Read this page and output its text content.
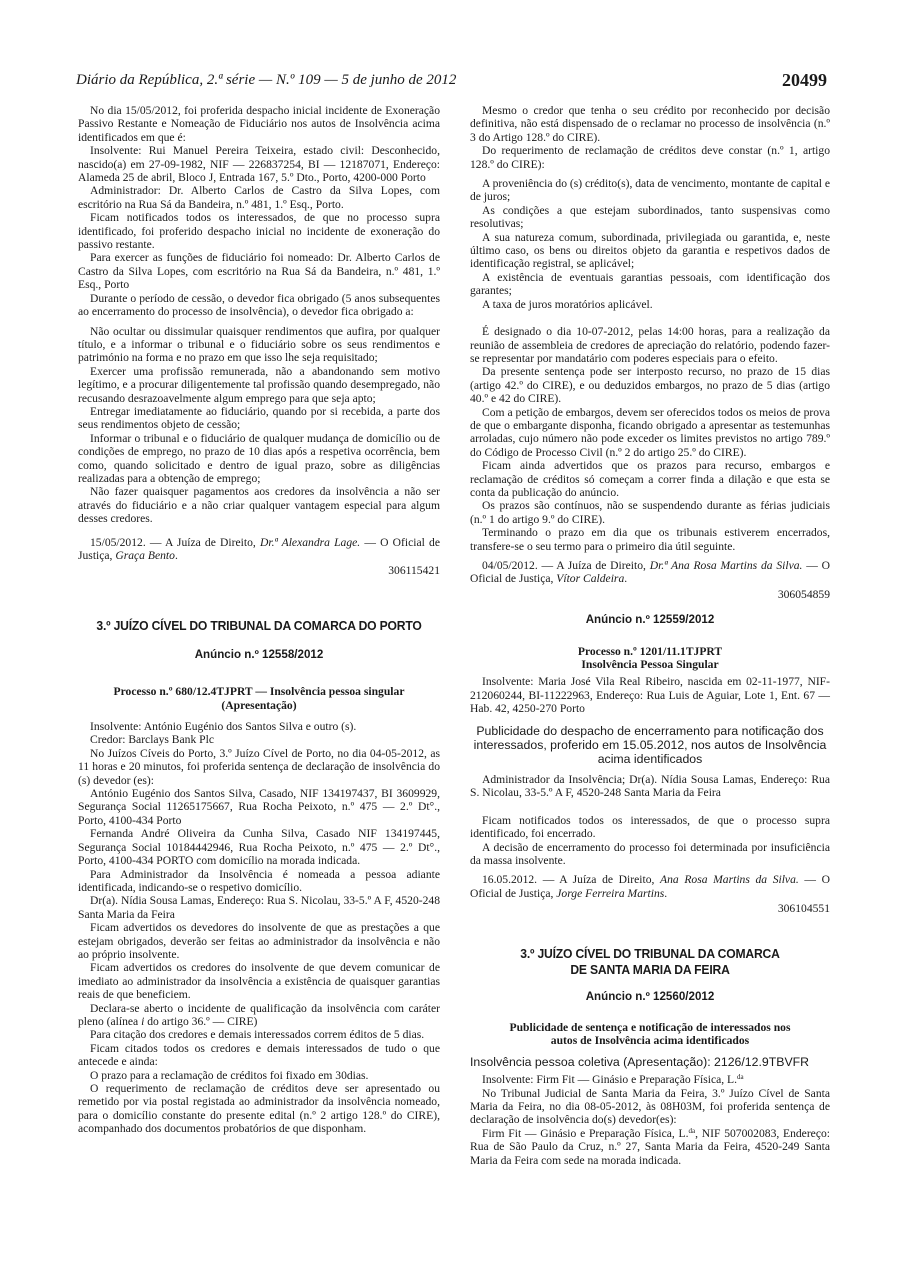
Diário da República, 2.ª série — N.º 109 — 5 de junho de 2012	20499

No dia 15/05/2012, foi proferida despacho inicial incidente de Exoneração Passivo Restante e Nomeação de Fiduciário nos autos de Insolvência acima identificados em que é:

Insolvente: Rui Manuel Pereira Teixeira, estado civil: Desconhecido, nascido(a) em 27-09-1982, NIF — 226837254, BI — 12187071, Endereço: Alameda 25 de abril, Bloco J, Entrada 167, 5.º Dto., Porto, 4200-000 Porto

Administrador: Dr. Alberto Carlos de Castro da Silva Lopes, com escritório na Rua Sá da Bandeira, n.º 481, 1.º Esq., Porto.

Ficam notificados todos os interessados, de que no processo supra identificado, foi proferido despacho inicial no incidente de exoneração do passivo restante.

Para exercer as funções de fiduciário foi nomeado: Dr. Alberto Carlos de Castro da Silva Lopes, com escritório na Rua Sá da Bandeira, n.º 481, 1.º Esq., Porto

Durante o período de cessão, o devedor fica obrigado (5 anos subsequentes ao encerramento do processo de insolvência), o devedor fica obrigado a:

Não ocultar ou dissimular quaisquer rendimentos que aufira, por qualquer título, e a informar o tribunal e o fiduciário sobre os seus rendimentos e património na forma e no prazo em que isso lhe seja requisitado;

Exercer uma profissão remunerada, não a abandonando sem motivo legítimo, e a procurar diligentemente tal profissão quando desempregado, não recusando desrazoavelmente algum emprego para que seja apto;

Entregar imediatamente ao fiduciário, quando por si recebida, a parte dos seus rendimentos objeto de cessão;

Informar o tribunal e o fiduciário de qualquer mudança de domicílio ou de condições de emprego, no prazo de 10 dias após a respetiva ocorrência, bem como, quando solicitado e dentro de igual prazo, sobre as diligências realizadas para a obtenção de emprego;

Não fazer quaisquer pagamentos aos credores da insolvência a não ser através do fiduciário e a não criar qualquer vantagem especial para algum desses credores.

15/05/2012. — A Juíza de Direito, Dr.ª Alexandra Lage. — O Oficial de Justiça, Graça Bento.

306115421
3.º JUÍZO CÍVEL DO TRIBUNAL DA COMARCA DO PORTO
Anúncio n.º 12558/2012
Processo n.º 680/12.4TJPRT — Insolvência pessoa singular (Apresentação)

Insolvente: António Eugénio dos Santos Silva e outro (s).

Credor: Barclays Bank Plc

No Juízos Cíveis do Porto, 3.º Juízo Cível de Porto, no dia 04-05-2012, as 11 horas e 20 minutos, foi proferida sentença de declaração de insolvência do (s) devedor (es):

António Eugénio dos Santos Silva, Casado, NIF 134197437, BI 3609929, Segurança Social 11265175667, Rua Rocha Peixoto, n.º 475 — 2.º Dt°., Porto, 4100-434 Porto

Fernanda André Oliveira da Cunha Silva, Casado NIF 134197445, Segurança Social 10184442946, Rua Rocha Peixoto, n.º 475 — 2.º Dt°., Porto, 4100-434 PORTO com domicílio na morada indicada.

Para Administrador da Insolvência é nomeada a pessoa adiante identificada, indicando-se o respetivo domicílio.

Dr(a). Nídia Sousa Lamas, Endereço: Rua S. Nicolau, 33-5.º A F, 4520-248 Santa Maria da Feira

Ficam advertidos os devedores do insolvente de que as prestações a que estejam obrigados, deverão ser feitas ao administrador da insolvência e não ao próprio insolvente.

Ficam advertidos os credores do insolvente de que devem comunicar de imediato ao administrador da insolvência a existência de quaisquer garantias reais de que beneficiem.

Declara-se aberto o incidente de qualificação da insolvência com caráter pleno (alínea i do artigo 36.º — CIRE)

Para citação dos credores e demais interessados correm éditos de 5 dias.

Ficam citados todos os credores e demais interessados de tudo o que antecede e ainda:

O prazo para a reclamação de créditos foi fixado em 30dias.

O requerimento de reclamação de créditos deve ser apresentado ou remetido por via postal registada ao administrador da insolvência nomeado, para o domicílio constante do presente edital (n.º 2 artigo 128.º do CIRE), acompanhado dos documentos probatórios de que disponham.

Mesmo o credor que tenha o seu crédito por reconhecido por decisão definitiva, não está dispensado de o reclamar no processo de insolvência (n.º 3 do Artigo 128.º do CIRE).

Do requerimento de reclamação de créditos deve constar (n.º 1, artigo 128.º do CIRE):

A proveniência do (s) crédito(s), data de vencimento, montante de capital e de juros;

As condições a que estejam subordinados, tanto suspensivas como resolutivas;

A sua natureza comum, subordinada, privilegiada ou garantida, e, neste último caso, os bens ou direitos objeto da garantia e respetivos dados de identificação registral, se aplicável;

A existência de eventuais garantias pessoais, com identificação dos garantes;

A taxa de juros moratórios aplicável.

É designado o dia 10-07-2012, pelas 14:00 horas, para a realização da reunião de assembleia de credores de apreciação do relatório, podendo fazer-se representar por mandatário com poderes especiais para o efeito.

Da presente sentença pode ser interposto recurso, no prazo de 15 dias (artigo 42.º do CIRE), e ou deduzidos embargos, no prazo de 5 dias (artigo 40.º e 42 do CIRE).

Com a petição de embargos, devem ser oferecidos todos os meios de prova de que o embargante disponha, ficando obrigado a apresentar as testemunhas arroladas, cujo número não pode exceder os limites previstos no artigo 789.º do Código de Processo Civil (n.º 2 do artigo 25.º do CIRE).

Ficam ainda advertidos que os prazos para recurso, embargos e reclamação de créditos só começam a correr finda a dilação e que esta se conta da publicação do anúncio.

Os prazos são contínuos, não se suspendendo durante as férias judiciais (n.º 1 do artigo 9.º do CIRE).

Terminando o prazo em dia que os tribunais estiverem encerrados, transfere-se o seu termo para o primeiro dia útil seguinte.

04/05/2012. — A Juíza de Direito, Dr.ª Ana Rosa Martins da Silva. — O Oficial de Justiça, Vítor Caldeira.

306054859
Anúncio n.º 12559/2012
Processo n.º 1201/11.1TJPRT
Insolvência Pessoa Singular

Insolvente: Maria José Vila Real Ribeiro, nascida em 02-11-1977, NIF-212060244, BI-11222963, Endereço: Rua Luis de Aguiar, Lote 1, Ent. 67 — Hab. 42, 4250-270 Porto

Publicidade do despacho de encerramento para notificação dos interessados, proferido em 15.05.2012, nos autos de Insolvência acima identificados

Administrador da Insolvência; Dr(a). Nídia Sousa Lamas, Endereço: Rua S. Nicolau, 33-5.º A F, 4520-248 Santa Maria da Feira

Ficam notificados todos os interessados, de que o processo supra identificado, foi encerrado.

A decisão de encerramento do processo foi determinada por insuficiência da massa insolvente.

16.05.2012. — A Juíza de Direito, Ana Rosa Martins da Silva. — O Oficial de Justiça, Jorge Ferreira Martins.

306104551
3.º JUÍZO CÍVEL DO TRIBUNAL DA COMARCA
DE SANTA MARIA DA FEIRA
Anúncio n.º 12560/2012
Publicidade de sentença e notificação de interessados nos autos de Insolvência acima identificados
Insolvência pessoa coletiva (Apresentação): 2126/12.9TBVFR

Insolvente: Firm Fit — Ginásio e Preparação Física, L.$^{da}$

No Tribunal Judicial de Santa Maria da Feira, 3.º Juízo Cível de Santa Maria da Feira, no dia 08-05-2012, às 08H03M, foi proferida sentença de declaração de insolvência do(s) devedor(es):

Firm Fit — Ginásio e Preparação Física, L.$^{da}$, NIF 507002083, Endereço: Rua de São Paulo da Cruz, n.º 27, Santa Maria da Feira, 4520-249 Santa Maria da Feira com sede na morada indicada.
